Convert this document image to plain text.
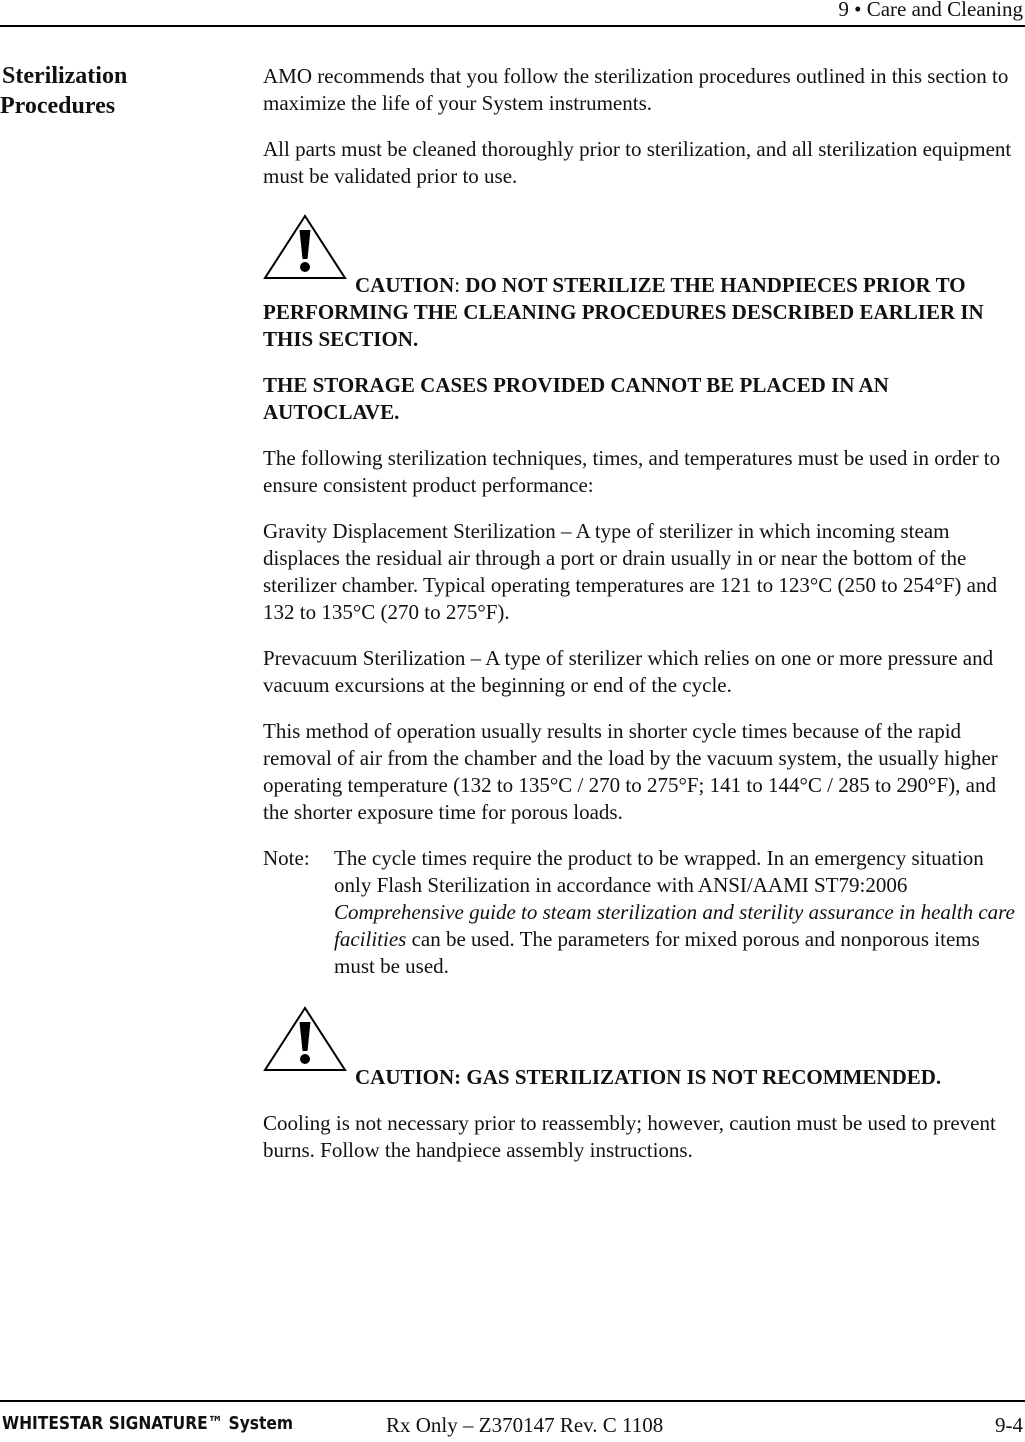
9 • Care and Cleaning
Sterilization
Procedures

AMO recommends that you follow the sterilization procedures outlined in this section to maximize the life of your System instruments.

All parts must be cleaned thoroughly prior to sterilization, and all sterilization equipment must be validated prior to use.

CAUTION: DO NOT STERILIZE THE HANDPIECES PRIOR TO PERFORMING THE CLEANING PROCEDURES DESCRIBED EARLIER IN THIS SECTION.

THE STORAGE CASES PROVIDED CANNOT BE PLACED IN AN AUTOCLAVE.

The following sterilization techniques, times, and temperatures must be used in order to ensure consistent product performance:

Gravity Displacement Sterilization – A type of sterilizer in which incoming steam displaces the residual air through a port or drain usually in or near the bottom of the sterilizer chamber. Typical operating temperatures are 121 to 123°C (250 to 254°F) and 132 to 135°C (270 to 275°F).

Prevacuum Sterilization – A type of sterilizer which relies on one or more pressure and vacuum excursions at the beginning or end of the cycle.

This method of operation usually results in shorter cycle times because of the rapid removal of air from the chamber and the load by the vacuum system, the usually higher operating temperature (132 to 135°C / 270 to 275°F; 141 to 144°C / 285 to 290°F), and the shorter exposure time for porous loads.

Note:	The cycle times require the product to be wrapped. In an emergency situation only Flash Sterilization in accordance with ANSI/AAMI ST79:2006 Comprehensive guide to steam sterilization and sterility assurance in health care facilities can be used. The parameters for mixed porous and nonporous items must be used.

CAUTION: GAS STERILIZATION IS NOT RECOMMENDED.

Cooling is not necessary prior to reassembly; however, caution must be used to prevent burns. Follow the handpiece assembly instructions.

WHITESTAR SIGNATURE™ System	Rx Only – Z370147 Rev. C 1108	9-4
